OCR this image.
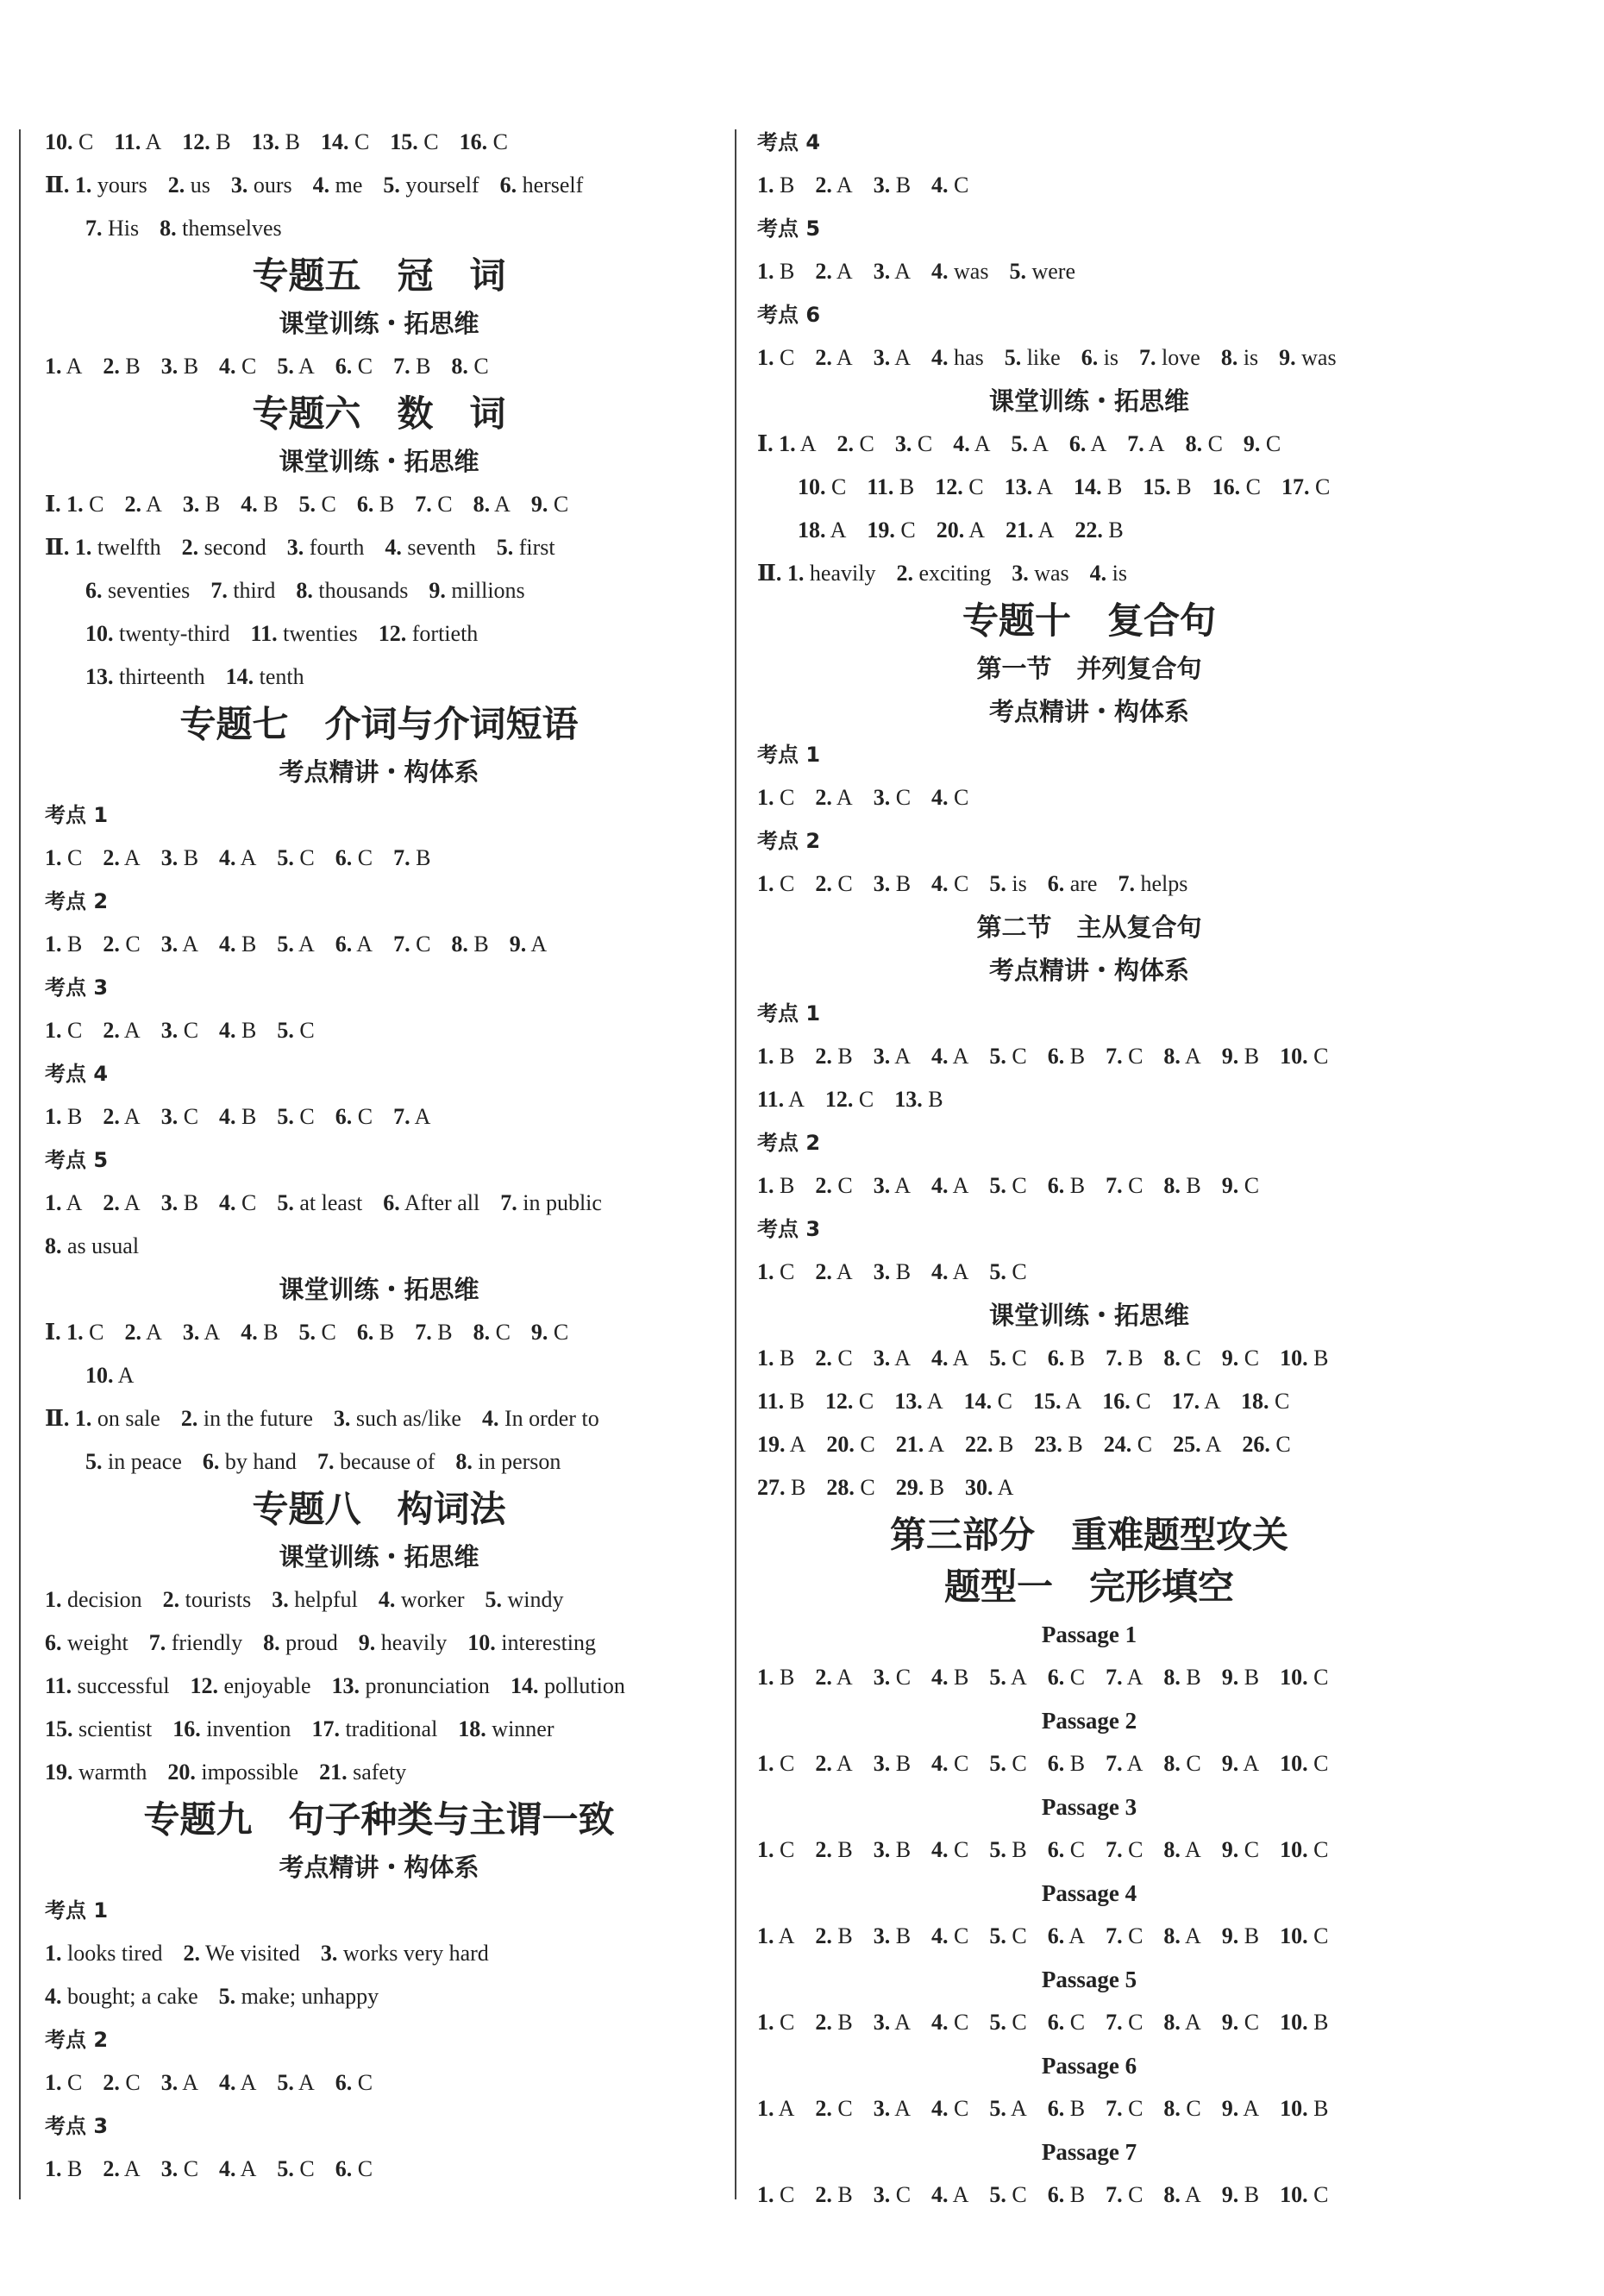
10. C 11. A 12. B 13. B 14. C 15. C 16. C
Ⅱ. 1. yours 2. us 3. ours 4. me 5. yourself 6. herself
7. His 8. themselves
专题五　冠　词
课堂训练・拓思维
1. A 2. B 3. B 4. C 5. A 6. C 7. B 8. C
专题六　数　词
课堂训练・拓思维
Ⅰ. 1. C 2. A 3. B 4. B 5. C 6. B 7. C 8. A 9. C
Ⅱ. 1. twelfth 2. second 3. fourth 4. seventh 5. first
6. seventies 7. third 8. thousands 9. millions
10. twenty-third 11. twenties 12. fortieth
13. thirteenth 14. tenth
专题七　介词与介词短语
考点精讲・构体系
考点 1
1. C 2. A 3. B 4. A 5. C 6. C 7. B
考点 2
1. B 2. C 3. A 4. B 5. A 6. A 7. C 8. B 9. A
考点 3
1. C 2. A 3. C 4. B 5. C
考点 4
1. B 2. A 3. C 4. B 5. C 6. C 7. A
考点 5
1. A 2. A 3. B 4. C 5. at least 6. After all 7. in public
8. as usual
课堂训练・拓思维
Ⅰ. 1. C 2. A 3. A 4. B 5. C 6. B 7. B 8. C 9. C
10. A
Ⅱ. 1. on sale 2. in the future 3. such as/like 4. In order to
5. in peace 6. by hand 7. because of 8. in person
专题八　构词法
课堂训练・拓思维
1. decision 2. tourists 3. helpful 4. worker 5. windy
6. weight 7. friendly 8. proud 9. heavily 10. interesting
11. successful 12. enjoyable 13. pronunciation 14. pollution
15. scientist 16. invention 17. traditional 18. winner
19. warmth 20. impossible 21. safety
专题九　句子种类与主谓一致
考点精讲・构体系
考点 1
1. looks tired 2. We visited 3. works very hard
4. bought; a cake 5. make; unhappy
考点 2
1. C 2. C 3. A 4. A 5. A 6. C
考点 3
1. B 2. A 3. C 4. A 5. C 6. C
考点 4
1. B 2. A 3. B 4. C
考点 5
1. B 2. A 3. A 4. was 5. were
考点 6
1. C 2. A 3. A 4. has 5. like 6. is 7. love 8. is 9. was
课堂训练・拓思维
Ⅰ. 1. A 2. C 3. C 4. A 5. A 6. A 7. A 8. C 9. C
10. C 11. B 12. C 13. A 14. B 15. B 16. C 17. C
18. A 19. C 20. A 21. A 22. B
Ⅱ. 1. heavily 2. exciting 3. was 4. is
专题十　复合句
第一节　并列复合句
考点精讲・构体系
考点 1
1. C 2. A 3. C 4. C
考点 2
1. C 2. C 3. B 4. C 5. is 6. are 7. helps
第二节　主从复合句
考点精讲・构体系
考点 1
1. B 2. B 3. A 4. A 5. C 6. B 7. C 8. A 9. B 10. C
11. A 12. C 13. B
考点 2
1. B 2. C 3. A 4. A 5. C 6. B 7. C 8. B 9. C
考点 3
1. C 2. A 3. B 4. A 5. C
课堂训练・拓思维
1. B 2. C 3. A 4. A 5. C 6. B 7. B 8. C 9. C 10. B
11. B 12. C 13. A 14. C 15. A 16. C 17. A 18. C
19. A 20. C 21. A 22. B 23. B 24. C 25. A 26. C
27. B 28. C 29. B 30. A
第三部分　重难题型攻关
题型一　完形填空
Passage 1
1. B 2. A 3. C 4. B 5. A 6. C 7. A 8. B 9. B 10. C
Passage 2
1. C 2. A 3. B 4. C 5. C 6. B 7. A 8. C 9. A 10. C
Passage 3
1. C 2. B 3. B 4. C 5. B 6. C 7. C 8. A 9. C 10. C
Passage 4
1. A 2. B 3. B 4. C 5. C 6. A 7. C 8. A 9. B 10. C
Passage 5
1. C 2. B 3. A 4. C 5. C 6. C 7. C 8. A 9. C 10. B
Passage 6
1. A 2. C 3. A 4. C 5. A 6. B 7. C 8. C 9. A 10. B
Passage 7
1. C 2. B 3. C 4. A 5. C 6. B 7. C 8. A 9. B 10. C
